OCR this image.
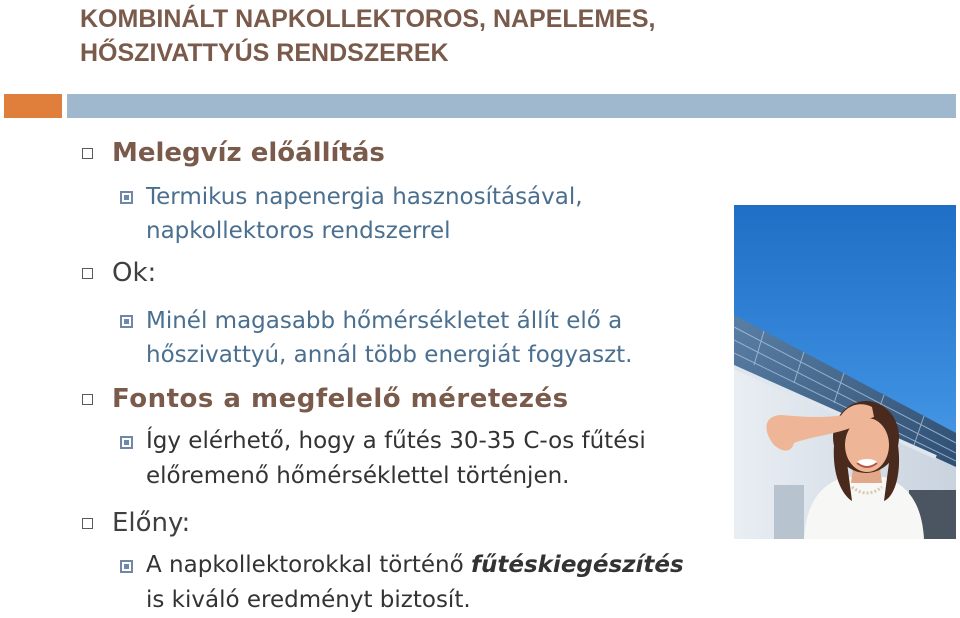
KOMBINÁLT NAPKOLLEKTOROS, NAPELEMES,
HŐSZIVATTYÚS RENDSZEREK
Melegvíz előállítás
Termikus napenergia hasznosításával,
napkollektoros rendszerrel
Ok:
Minél magasabb hőmérsékletet állít elő a
hőszivattyú, annál több energiát fogyaszt.
Fontos a megfelelő méretezés
Így elérhető, hogy a fűtés 30-35 C-os fűtési
előremenő hőmérséklettel történjen.
Előny:
A napkollektorokkal történő fűtéskiegészítés
is kiváló eredményt biztosít.
